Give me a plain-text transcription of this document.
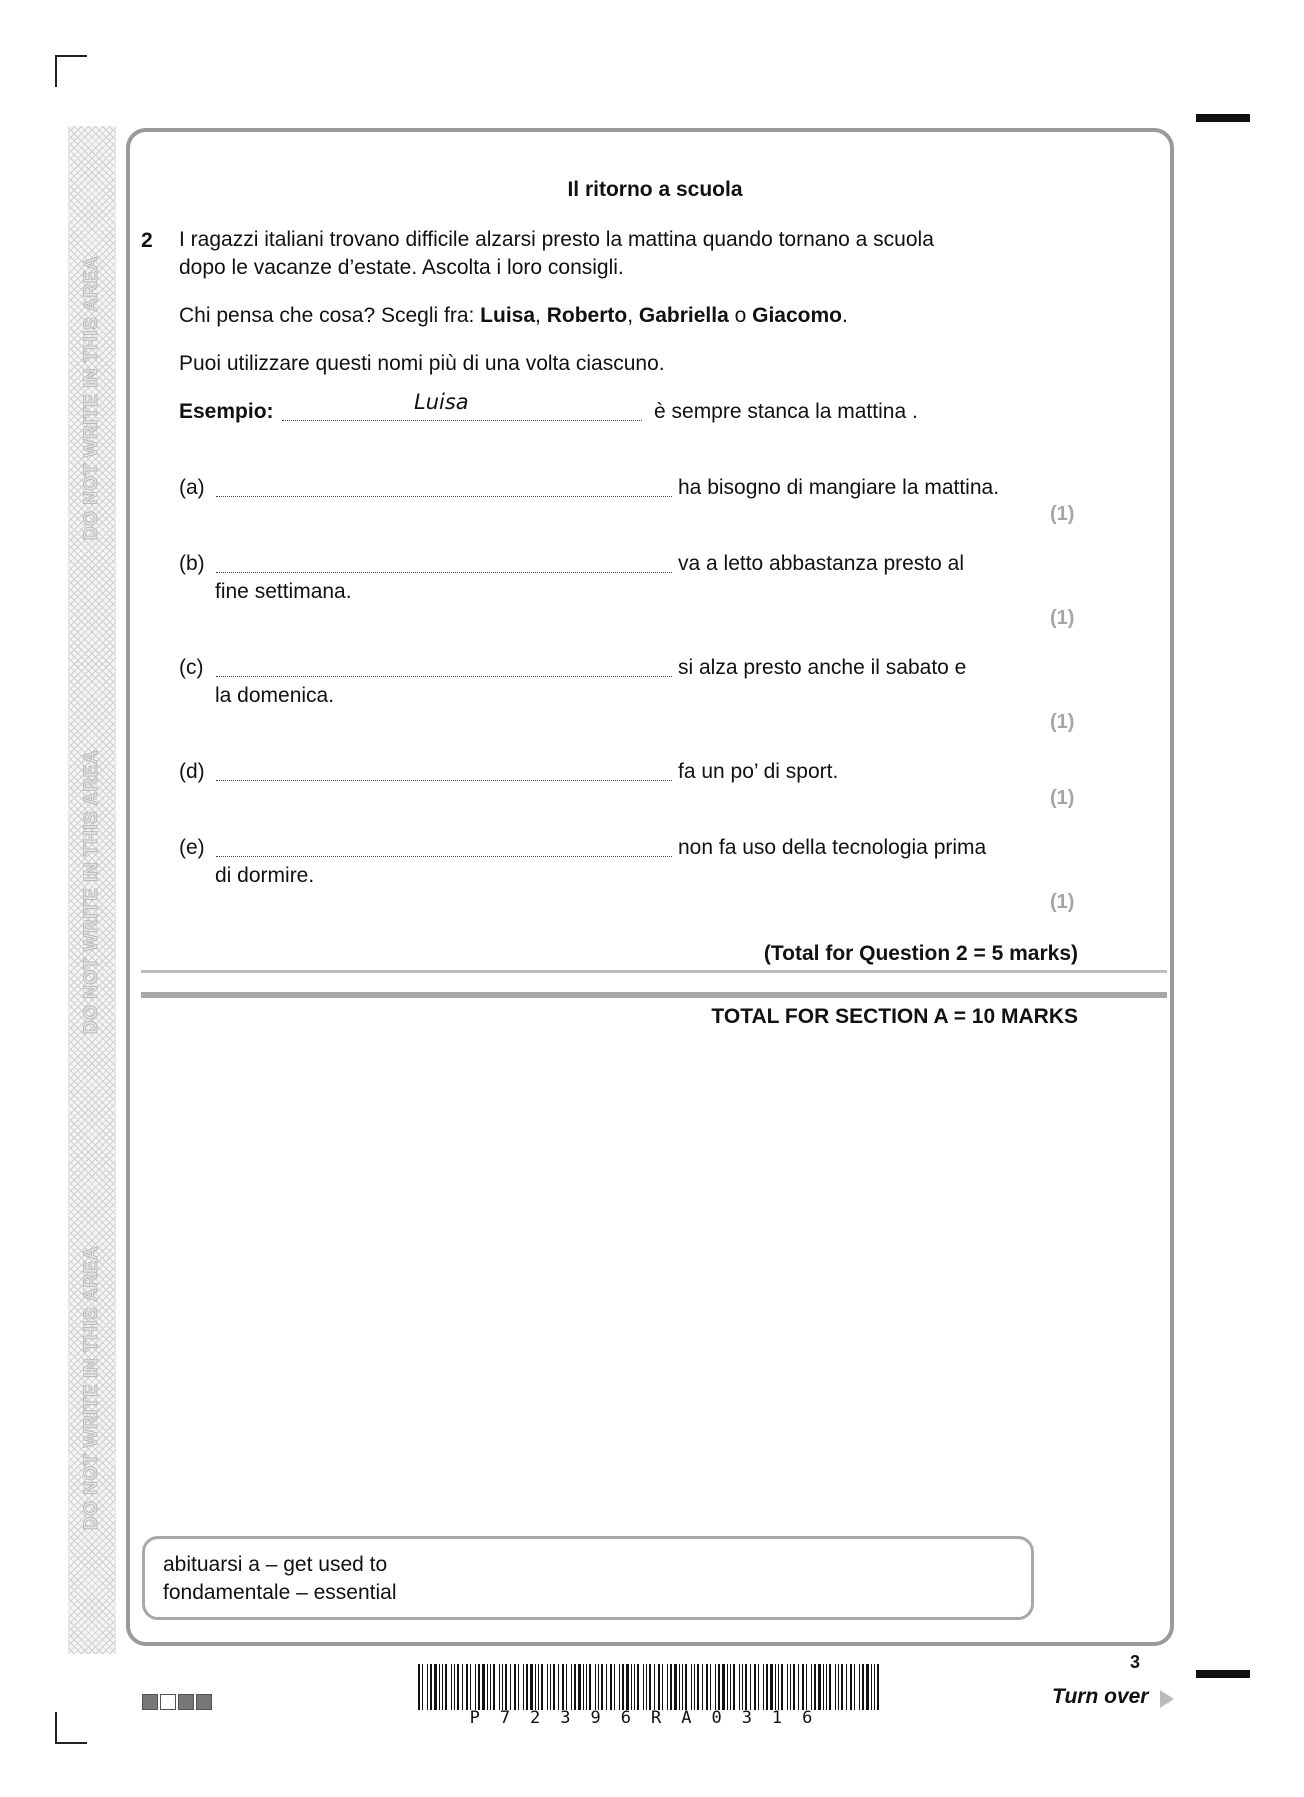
DO NOT WRITE IN THIS AREA
DO NOT WRITE IN THIS AREA
DO NOT WRITE IN THIS AREA
Il ritorno a scuola
2 I ragazzi italiani trovano difficile alzarsi presto la mattina quando tornano a scuola
dopo le vacanze d’estate. Ascolta i loro consigli.
Chi pensa che cosa? Scegli fra: Luisa, Roberto, Gabriella o Giacomo.
Puoi utilizzare questi nomi più di una volta ciascuno.
Esempio:	Luisa	è sempre stanca la mattina .
(a)	ha bisogno di mangiare la mattina.
(1)
(b)	va a letto abbastanza presto al
fine settimana.
(1)
(c)	si alza presto anche il sabato e
la domenica.
(1)
(d)	fa un po’ di sport.
(1)
(e)	non fa uso della tecnologia prima
di dormire.
(1)
(Total for Question 2 = 5 marks)
TOTAL FOR SECTION A = 10 MARKS
abituarsi a – get used to
fondamentale – essential
P72396RA0316
3
Turn over
